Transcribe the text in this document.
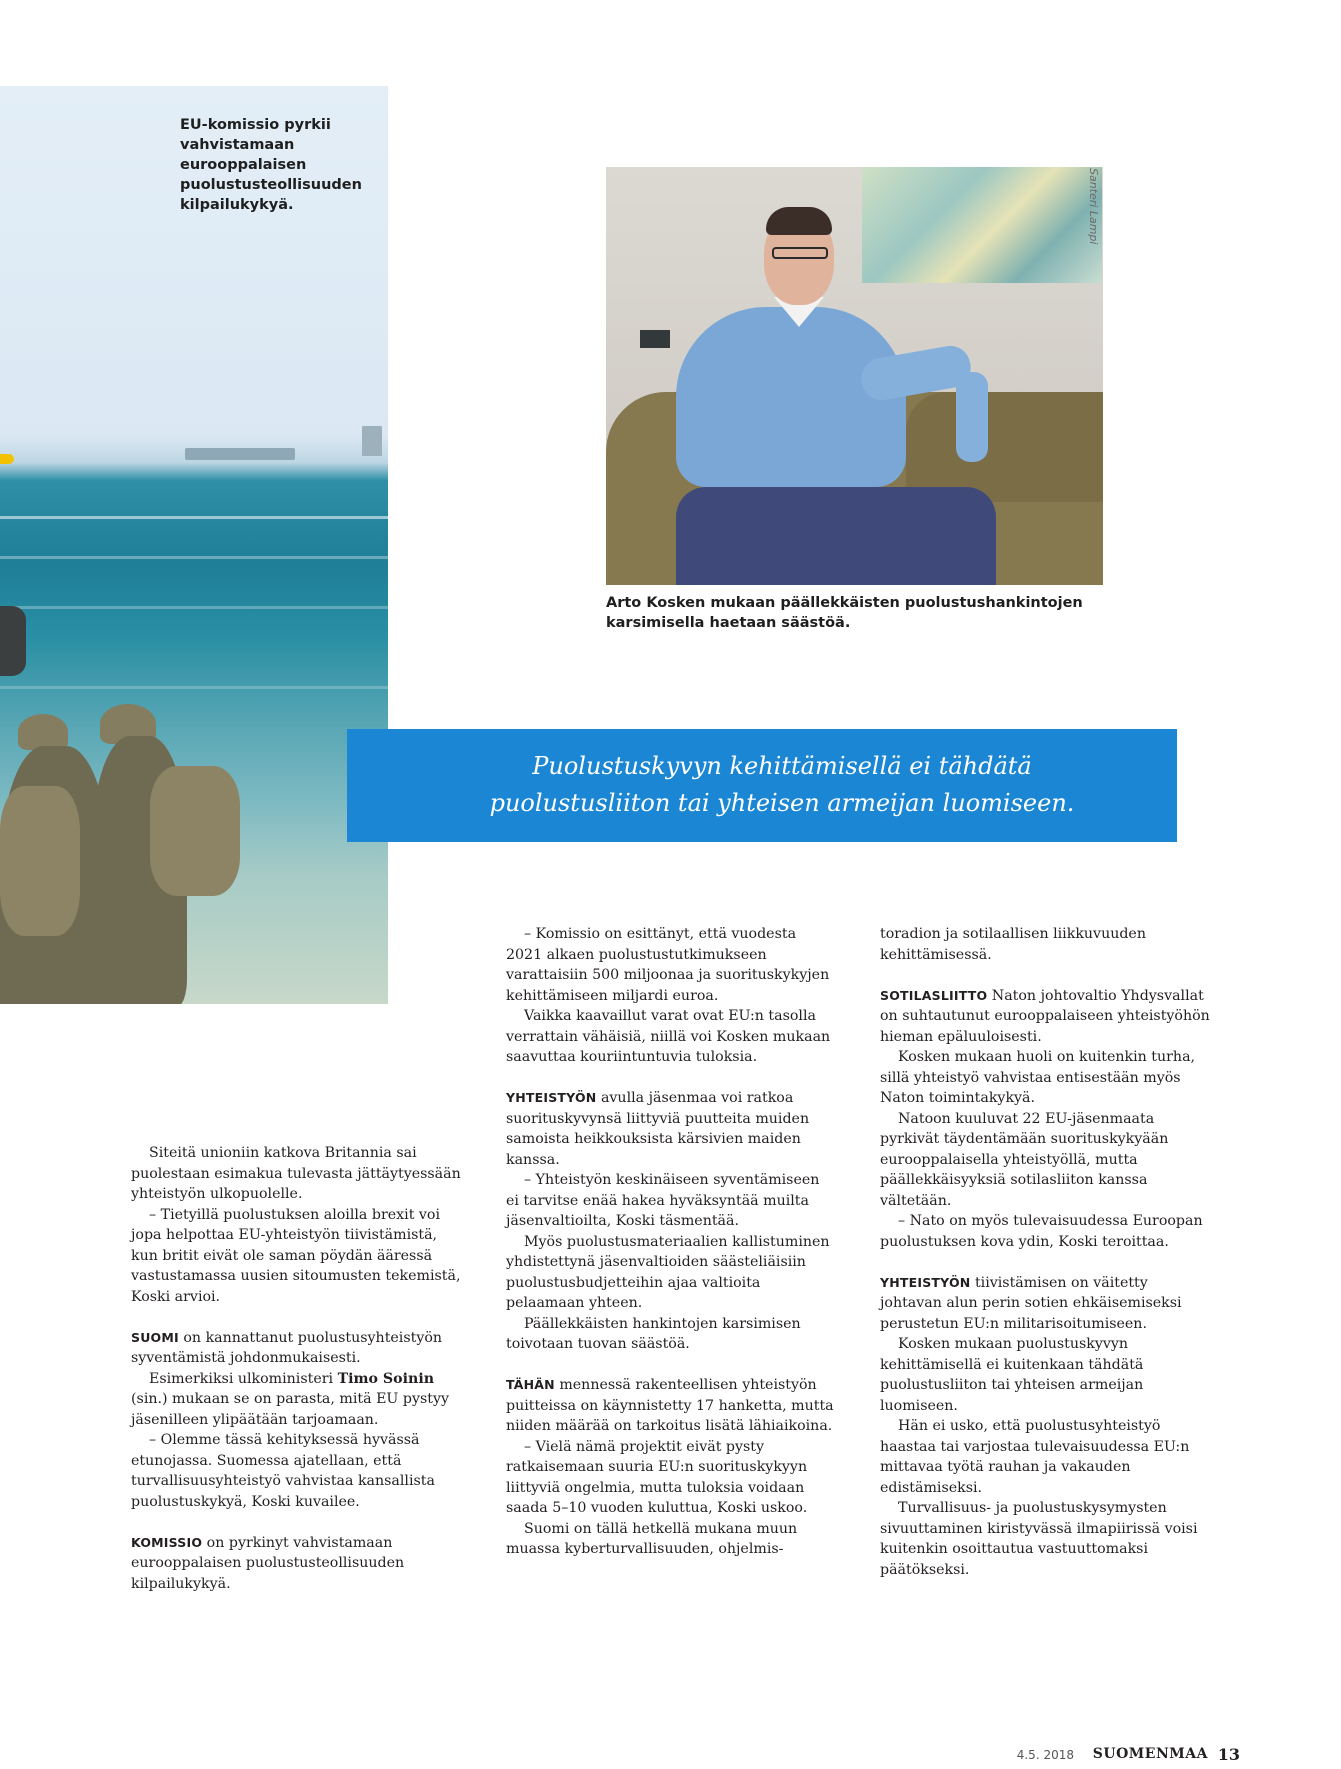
EU-komissio pyrkii vahvistamaan eurooppalaisen puolustusteollisuuden kilpailukykyä.	Santeri Lampi
Arto Kosken mukaan päällekkäisten puolustushankintojen karsimisella haetaan säästöä.
Puolustuskyvyn kehittämisellä ei tähdätä
puolustusliiton tai yhteisen armeijan luomiseen.

Siteitä unioniin katkova Britannia sai puolestaan esimakua tulevasta jättäytyessään yhteistyön ulkopuolelle.

– Tietyillä puolustuksen aloilla brexit voi jopa helpottaa EU-yhteistyön tiivistämistä, kun britit eivät ole saman pöydän ääressä vastustamassa uusien sitoumusten tekemistä, Koski arvioi.

SUOMI on kannattanut puolustusyhteistyön syventämistä johdonmukaisesti.

Esimerkiksi ulkoministeri Timo Soinin (sin.) mukaan se on parasta, mitä EU pystyy jäsenilleen ylipäätään tarjoamaan.

– Olemme tässä kehityksessä hyvässä etunojassa. Suomessa ajatellaan, että turvallisuusyhteistyö vahvistaa kansallista puolustuskykyä, Koski kuvailee.

KOMISSIO on pyrkinyt vahvistamaan eurooppalaisen puolustusteollisuuden kilpailukykyä.

– Komissio on esittänyt, että vuodesta 2021 alkaen puolustustutkimukseen varattaisiin 500 miljoonaa ja suorituskykyjen kehittämiseen miljardi euroa.

Vaikka kaavaillut varat ovat EU:n tasolla verrattain vähäisiä, niillä voi Kosken mukaan saavuttaa kouriintuntuvia tuloksia.

YHTEISTYÖN avulla jäsenmaa voi ratkoa suorituskyvynsä liittyviä puutteita muiden samoista heikkouksista kärsivien maiden kanssa.

– Yhteistyön keskinäiseen syventämiseen ei tarvitse enää hakea hyväksyntää muilta jäsenvaltioilta, Koski täsmentää.

Myös puolustusmateriaalien kallistuminen yhdistettynä jäsenvaltioiden säästeliäisiin puolustusbudjetteihin ajaa valtioita pelaamaan yhteen.

Päällekkäisten hankintojen karsimisen toivotaan tuovan säästöä.

TÄHÄN mennessä rakenteellisen yhteistyön puitteissa on käynnistetty 17 hanketta, mutta niiden määrää on tarkoitus lisätä lähiaikoina.

– Vielä nämä projektit eivät pysty ratkaisemaan suuria EU:n suorituskykyyn liittyviä ongelmia, mutta tuloksia voidaan saada 5–10 vuoden kuluttua, Koski uskoo.

Suomi on tällä hetkellä mukana muun muassa kyberturvallisuuden, ohjelmis-

toradion ja sotilaallisen liikkuvuuden kehittämisessä.

SOTILASLIITTO Naton johtovaltio Yhdysvallat on suhtautunut eurooppalaiseen yhteistyöhön hieman epäluuloisesti.

Kosken mukaan huoli on kuitenkin turha, sillä yhteistyö vahvistaa entisestään myös Naton toimintakykyä.

Natoon kuuluvat 22 EU-jäsenmaata pyrkivät täydentämään suorituskykyään eurooppalaisella yhteistyöllä, mutta päällekkäisyyksiä sotilasliiton kanssa vältetään.

– Nato on myös tulevaisuudessa Euroopan puolustuksen kova ydin, Koski teroittaa.

YHTEISTYÖN tiivistämisen on väitetty johtavan alun perin sotien ehkäisemiseksi perustetun EU:n militarisoitumiseen.

Kosken mukaan puolustuskyvyn kehittämisellä ei kuitenkaan tähdätä puolustusliiton tai yhteisen armeijan luomiseen.

Hän ei usko, että puolustusyhteistyö haastaa tai varjostaa tulevaisuudessa EU:n mittavaa työtä rauhan ja vakauden edistämiseksi.

Turvallisuus- ja puolustuskysymysten sivuuttaminen kiristyvässä ilmapiirissä voisi kuitenkin osoittautua vastuuttomaksi päätökseksi.

4.5. 2018 SUOMENMAA 13
